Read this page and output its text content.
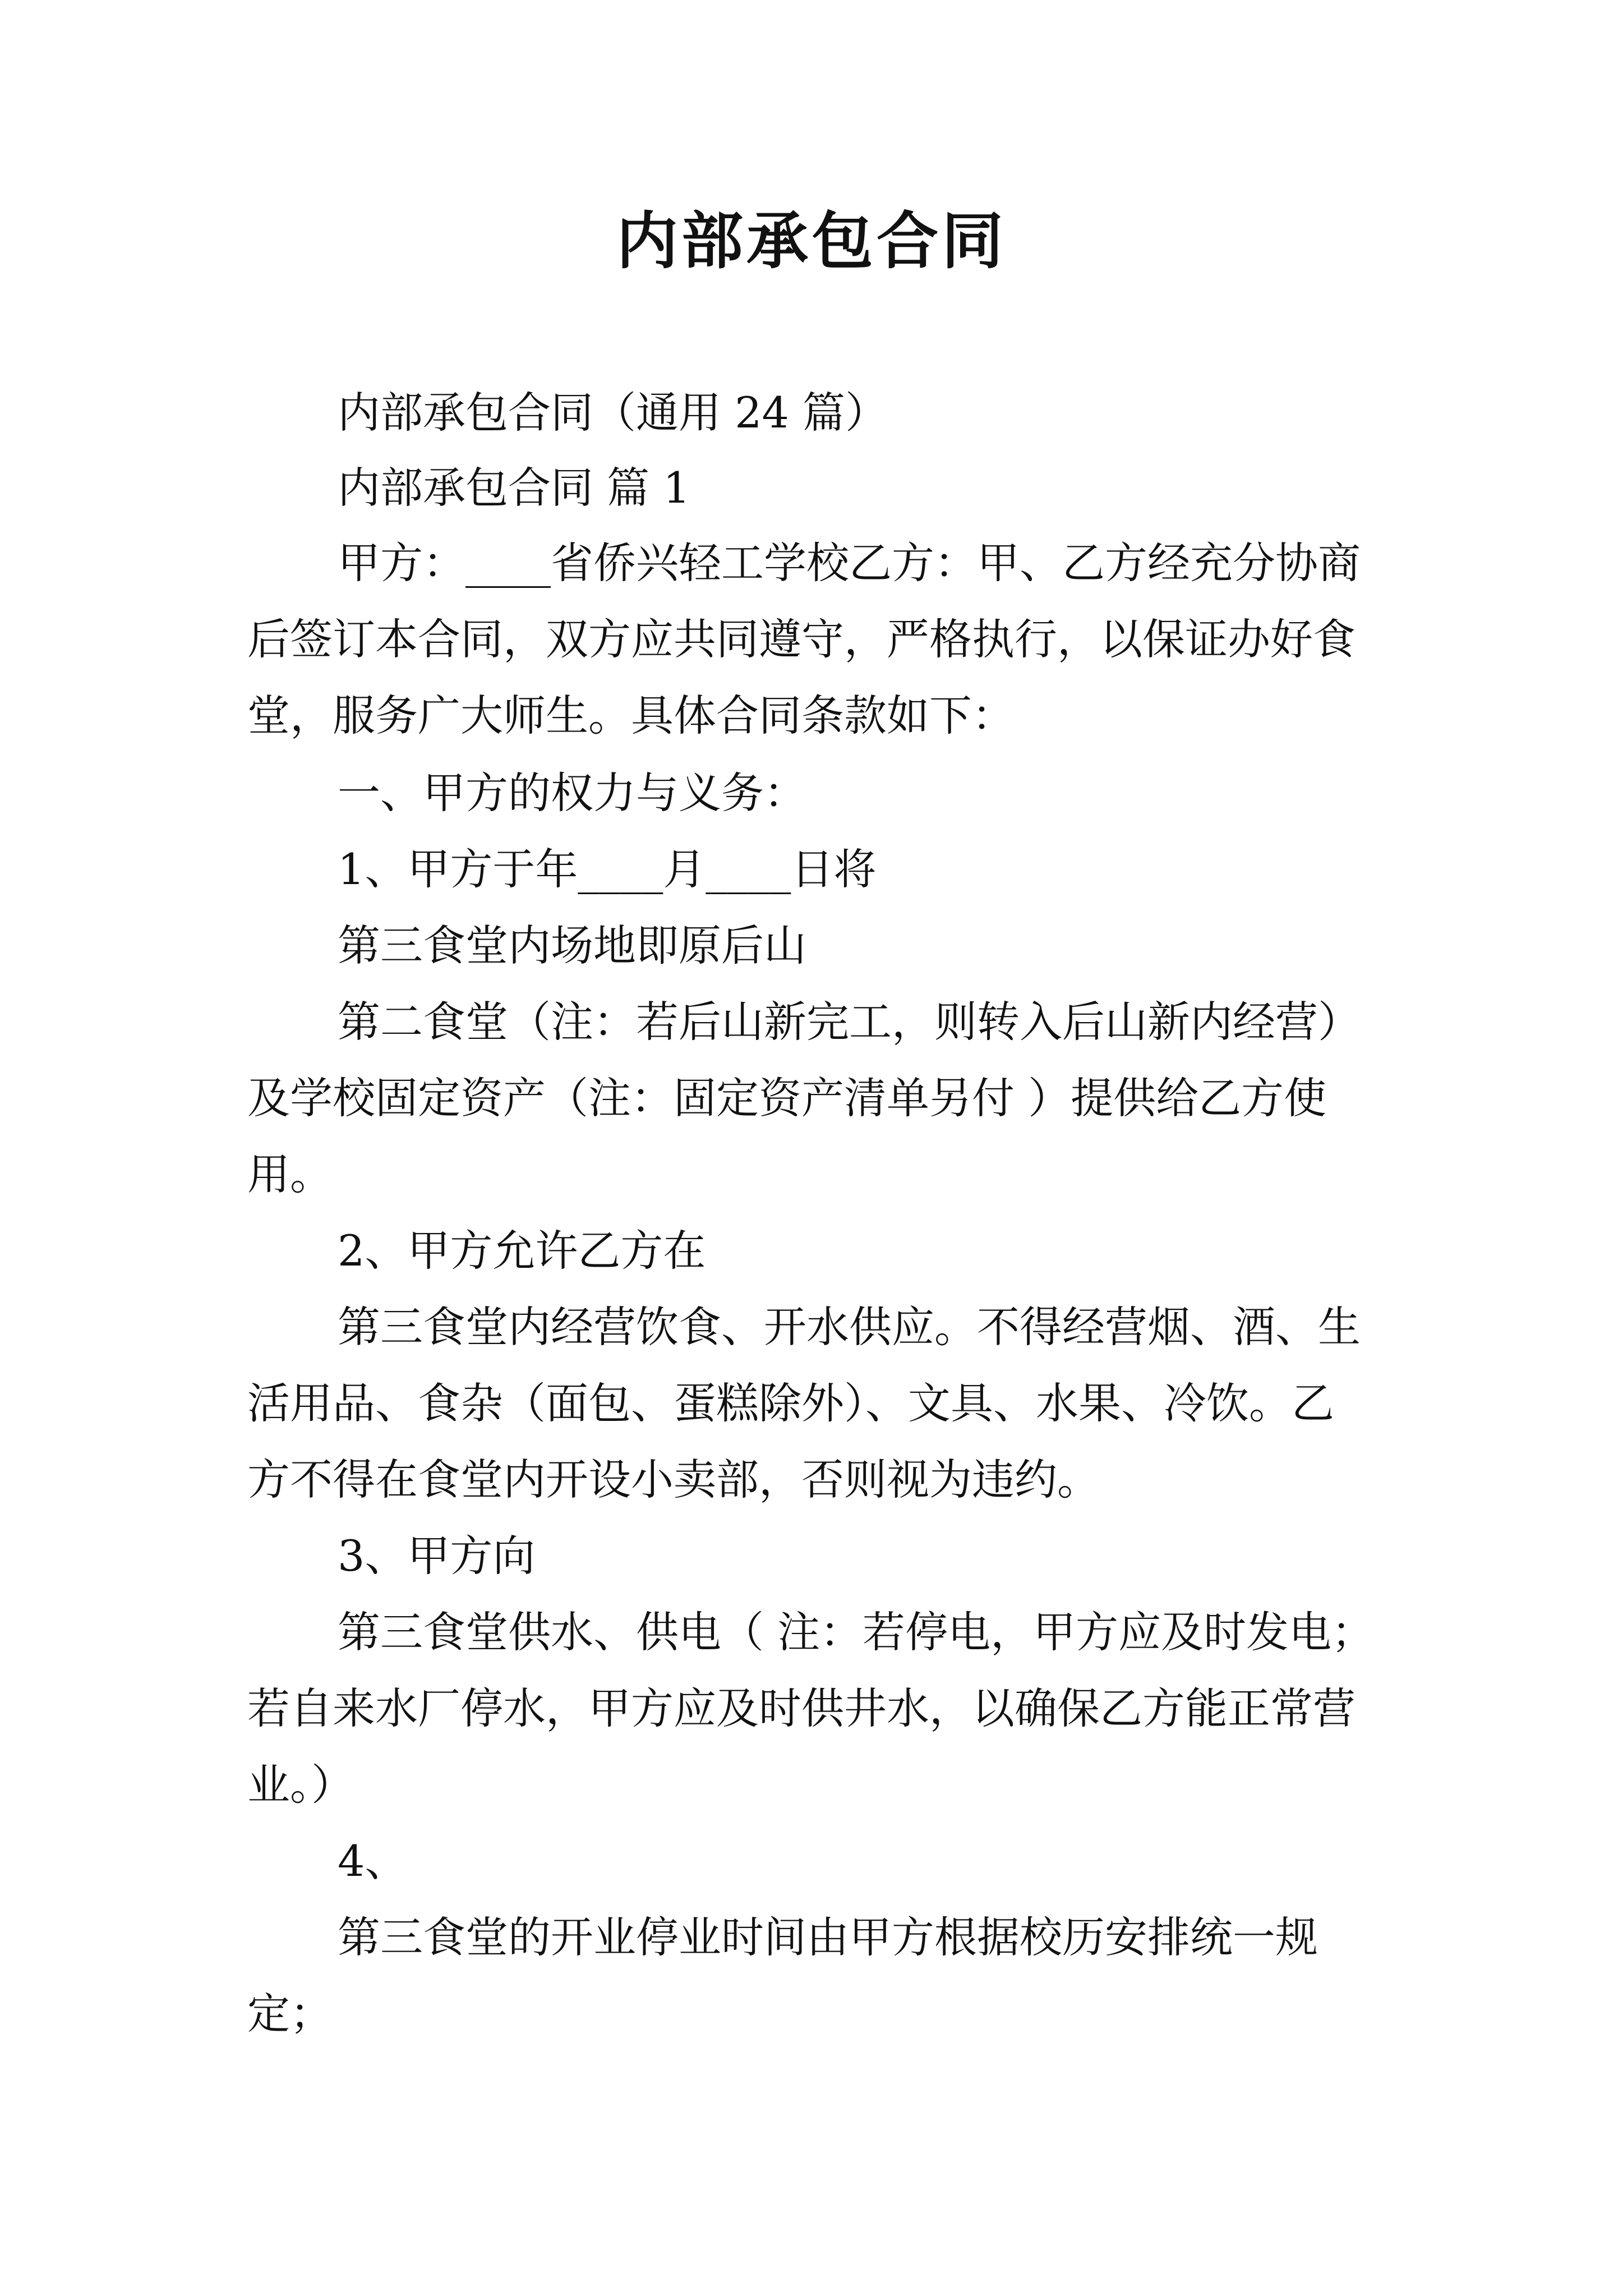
内部承包合同

内部承包合同（通用 24 篇）

内部承包合同 篇 1

甲方：____省侨兴轻工学校乙方：甲、乙方经充分协商

后签订本合同，双方应共同遵守，严格执行，以保证办好食

堂，服务广大师生。具体合同条款如下：

一、甲方的权力与义务：

1、甲方于年____月____日将

第三食堂内场地即原后山

第二食堂（注：若后山新完工，则转入后山新内经营）

及学校固定资产（注：固定资产清单另付 ）提供给乙方使

用。

2、甲方允许乙方在

第三食堂内经营饮食、开水供应。不得经营烟、酒、生

活用品、食杂（面包、蛋糕除外）、文具、水果、冷饮。乙

方不得在食堂内开设小卖部，否则视为违约。

3、甲方向

第三食堂供水、供电（ 注：若停电，甲方应及时发电；

若自来水厂停水，甲方应及时供井水，以确保乙方能正常营

业。）

4、

第三食堂的开业停业时间由甲方根据校历安排统一规

定；
